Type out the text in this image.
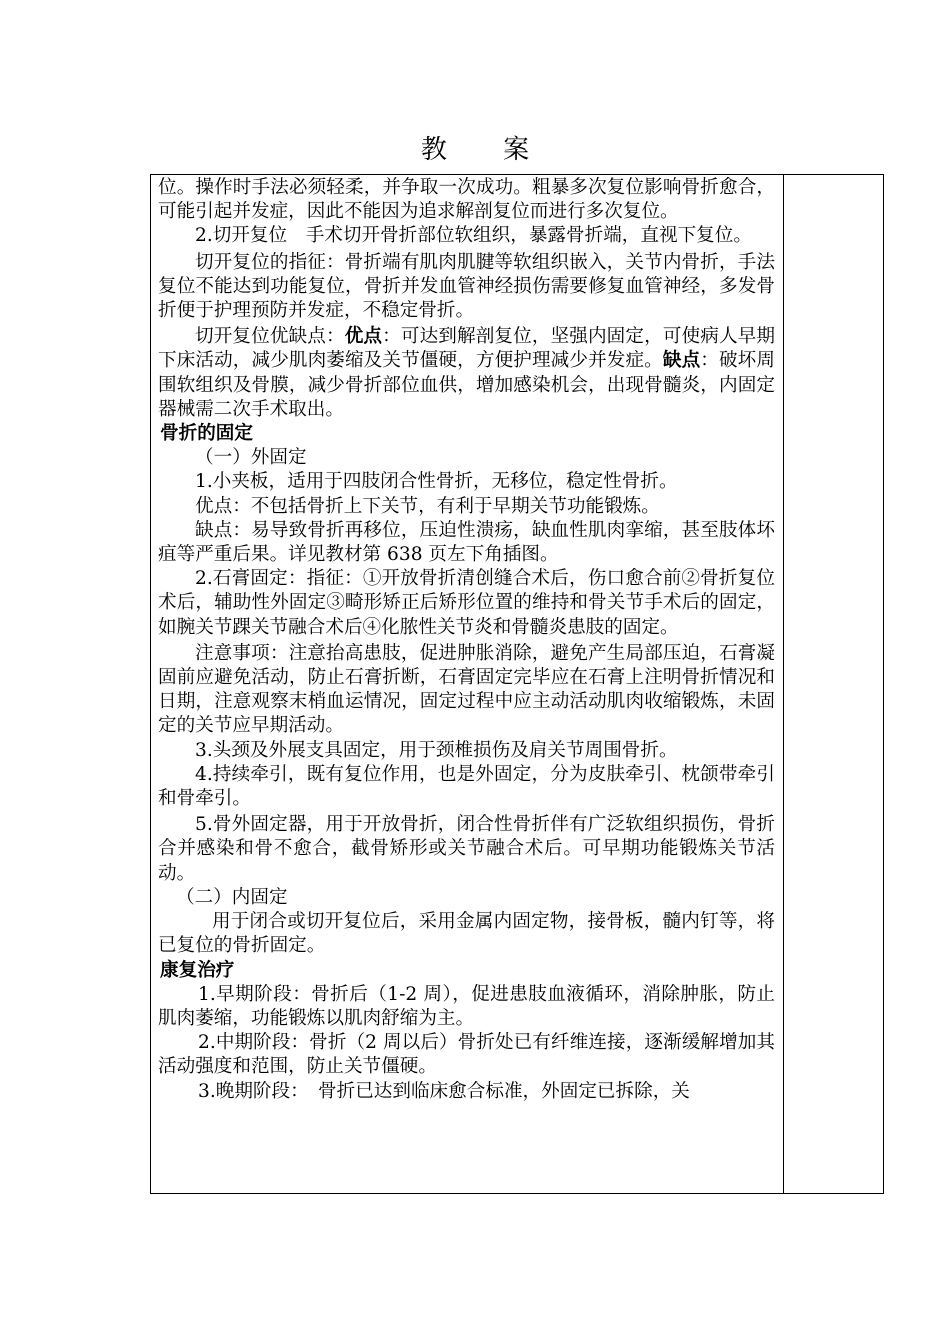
教 案

位。操作时手法必须轻柔，并争取一次成功。粗暴多次复位影响骨折愈合，可能引起并发症，因此不能因为追求解剖复位而进行多次复位。

2.切开复位　手术切开骨折部位软组织，暴露骨折端，直视下复位。

切开复位的指征：骨折端有肌肉肌腱等软组织嵌入，关节内骨折，手法复位不能达到功能复位，骨折并发血管神经损伤需要修复血管神经，多发骨折便于护理预防并发症，不稳定骨折。

切开复位优缺点：优点：可达到解剖复位，坚强内固定，可使病人早期下床活动，减少肌肉萎缩及关节僵硬，方便护理减少并发症。缺点：破坏周围软组织及骨膜，减少骨折部位血供，增加感染机会，出现骨髓炎，内固定器械需二次手术取出。

骨折的固定

（一）外固定

1.小夹板，适用于四肢闭合性骨折，无移位，稳定性骨折。

优点：不包括骨折上下关节，有利于早期关节功能锻炼。

缺点：易导致骨折再移位，压迫性溃疡，缺血性肌肉挛缩，甚至肢体坏疽等严重后果。详见教材第 638 页左下角插图。

2.石膏固定：指征：①开放骨折清创缝合术后，伤口愈合前②骨折复位术后，辅助性外固定③畸形矫正后矫形位置的维持和骨关节手术后的固定，如腕关节踝关节融合术后④化脓性关节炎和骨髓炎患肢的固定。

注意事项：注意抬高患肢，促进肿胀消除，避免产生局部压迫，石膏凝固前应避免活动，防止石膏折断，石膏固定完毕应在石膏上注明骨折情况和日期，注意观察末梢血运情况，固定过程中应主动活动肌肉收缩锻炼，未固定的关节应早期活动。

3.头颈及外展支具固定，用于颈椎损伤及肩关节周围骨折。

4.持续牵引，既有复位作用，也是外固定，分为皮肤牵引、枕颌带牵引和骨牵引。

5.骨外固定器，用于开放骨折，闭合性骨折伴有广泛软组织损伤，骨折合并感染和骨不愈合，截骨矫形或关节融合术后。可早期功能锻炼关节活动。

（二）内固定

用于闭合或切开复位后，采用金属内固定物，接骨板，髓内钉等，将已复位的骨折固定。

康复治疗

1.早期阶段：骨折后（1-2 周），促进患肢血液循环，消除肿胀，防止肌肉萎缩，功能锻炼以肌肉舒缩为主。

2.中期阶段：骨折（2 周以后）骨折处已有纤维连接，逐渐缓解增加其活动强度和范围，防止关节僵硬。

3.晚期阶段：　骨折已达到临床愈合标准，外固定已拆除，关
